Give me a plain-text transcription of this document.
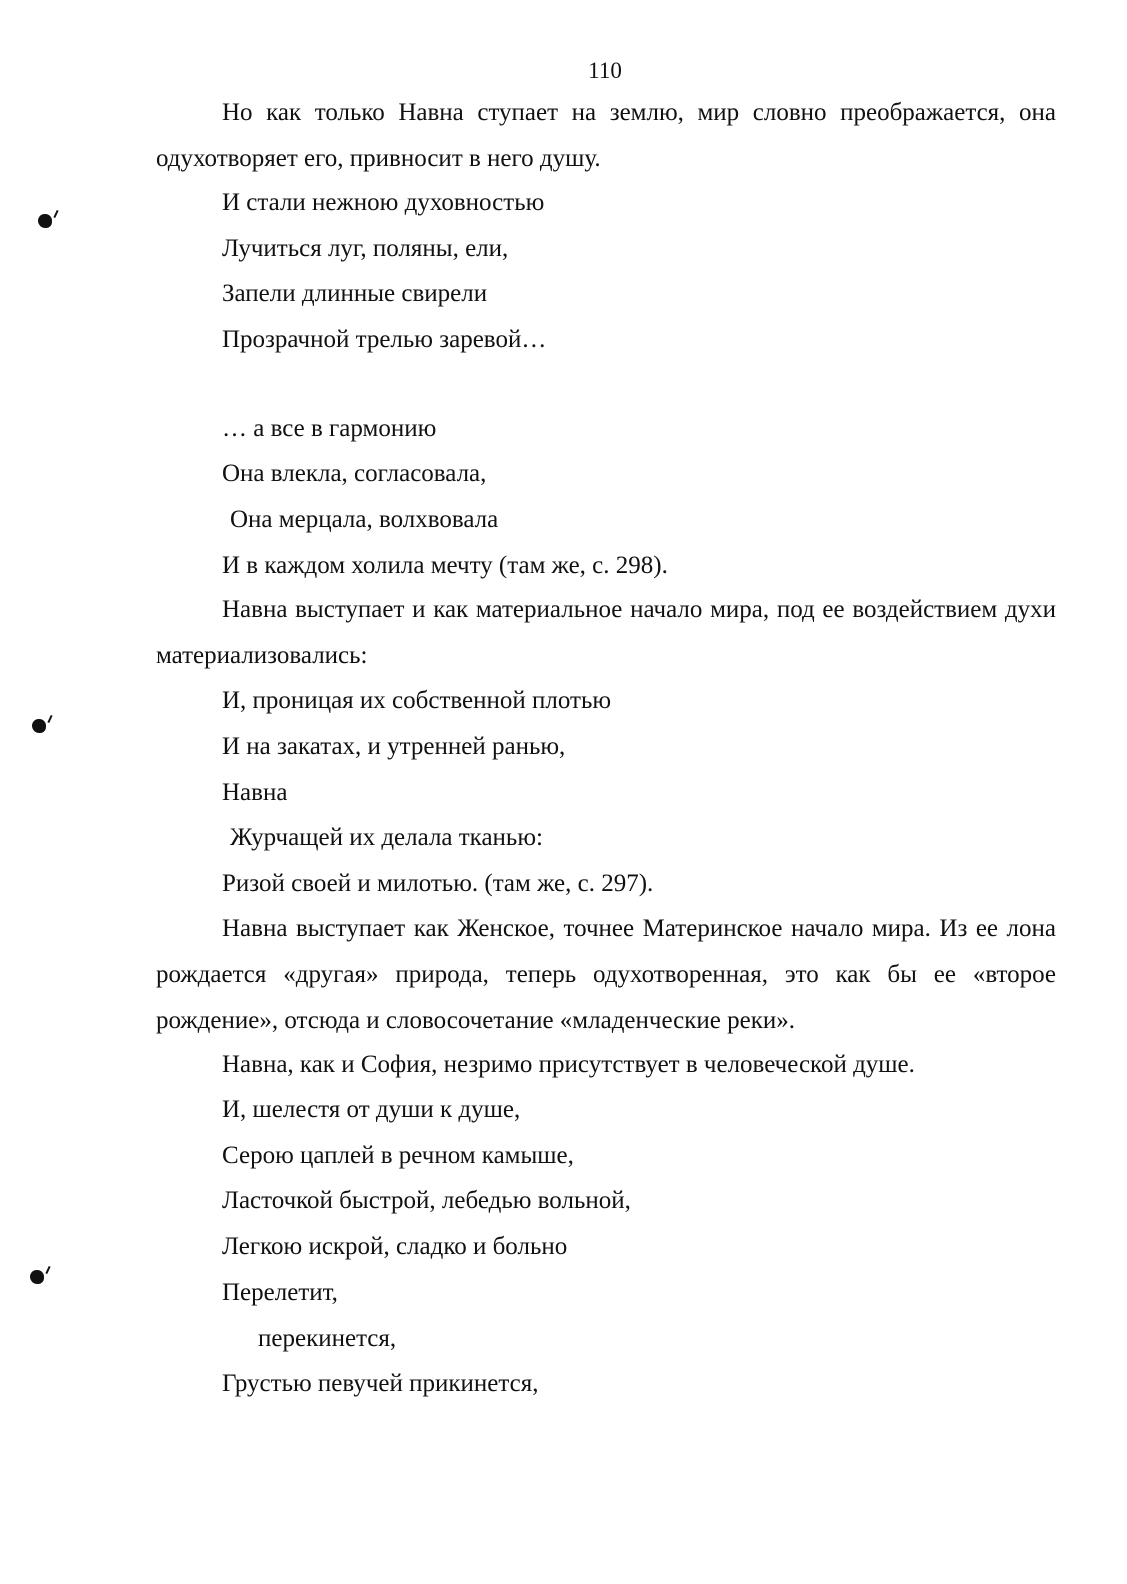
110
Но как только Навна ступает на землю, мир словно преображается, она одухотворяет его, привносит в него душу.
И стали нежною духовностью
Лучиться луг, поляны, ели,
Запели длинные свирели
Прозрачной трелью заревой…
… а все в гармонию
Она влекла, согласовала,
Она мерцала, волхвовала
И в каждом холила мечту (там же, с. 298).
Навна выступает и как материальное начало мира, под ее воздействием духи материализовались:
И, проницая их собственной плотью
И на закатах, и утренней ранью,
Навна
Журчащей их делала тканью:
Ризой своей и милотью. (там же, с. 297).
Навна выступает как Женское, точнее Материнское начало мира. Из ее лона рождается «другая» природа, теперь одухотворенная, это как бы ее «второе рождение», отсюда и словосочетание «младенческие реки».
Навна, как и София, незримо присутствует в человеческой душе.
И, шелестя от души к душе,
Серою цаплей в речном камыше,
Ласточкой быстрой, лебедью вольной,
Легкою искрой, сладко и больно
Перелетит,
перекинется,
Грустью певучей прикинется,
